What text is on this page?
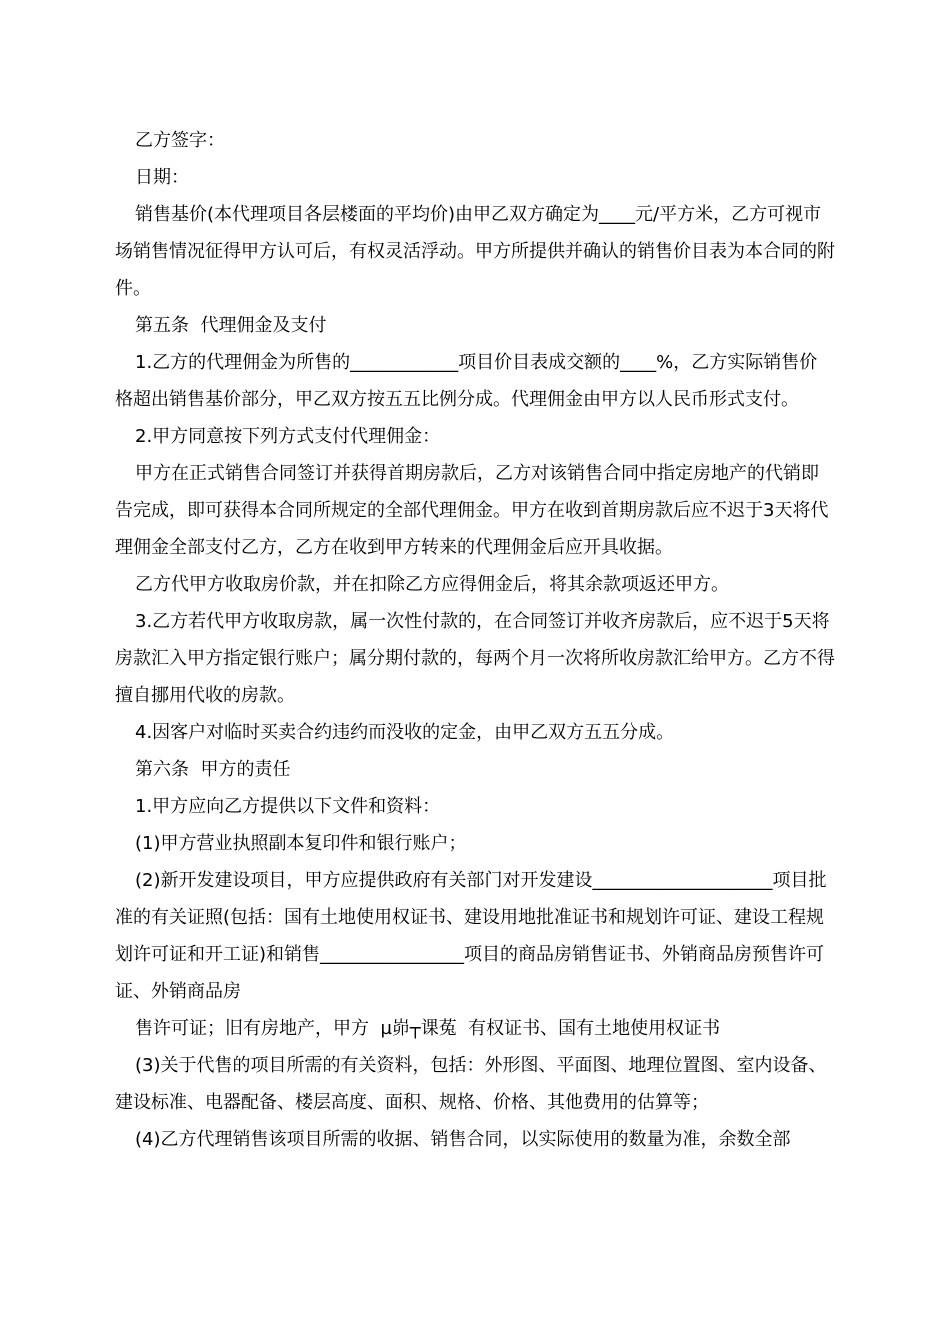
乙方签字：

日期：

销售基价(本代理项目各层楼面的平均价)由甲乙双方确定为____元/平方米，乙方可视市场销售情况征得甲方认可后，有权灵活浮动。甲方所提供并确认的销售价目表为本合同的附件。

第五条  代理佣金及支付

1.乙方的代理佣金为所售的____________项目价目表成交额的____%，乙方实际销售价格超出销售基价部分，甲乙双方按五五比例分成。代理佣金由甲方以人民币形式支付。

2.甲方同意按下列方式支付代理佣金：

甲方在正式销售合同签订并获得首期房款后，乙方对该销售合同中指定房地产的代销即告完成，即可获得本合同所规定的全部代理佣金。甲方在收到首期房款后应不迟于3天将代理佣金全部支付乙方，乙方在收到甲方转来的代理佣金后应开具收据。

乙方代甲方收取房价款，并在扣除乙方应得佣金后，将其余款项返还甲方。

3.乙方若代甲方收取房款，属一次性付款的，在合同签订并收齐房款后，应不迟于5天将房款汇入甲方指定银行账户；属分期付款的，每两个月一次将所收房款汇给甲方。乙方不得擅自挪用代收的房款。

4.因客户对临时买卖合约违约而没收的定金，由甲乙双方五五分成。

第六条  甲方的责任

1.甲方应向乙方提供以下文件和资料：

(1)甲方营业执照副本复印件和银行账户；

(2)新开发建设项目，甲方应提供政府有关部门对开发建设____________________项目批准的有关证照(包括：国有土地使用权证书、建设用地批准证书和规划许可证、建设工程规划许可证和开工证)和销售________________项目的商品房销售证书、外销商品房预售许可证、外销商品房

售许可证；旧有房地产，甲方  µ峁┬课菟  有权证书、国有土地使用权证书

(3)关于代售的项目所需的有关资料，包括：外形图、平面图、地理位置图、室内设备、建设标准、电器配备、楼层高度、面积、规格、价格、其他费用的估算等；

(4)乙方代理销售该项目所需的收据、销售合同，以实际使用的数量为准，余数全部
